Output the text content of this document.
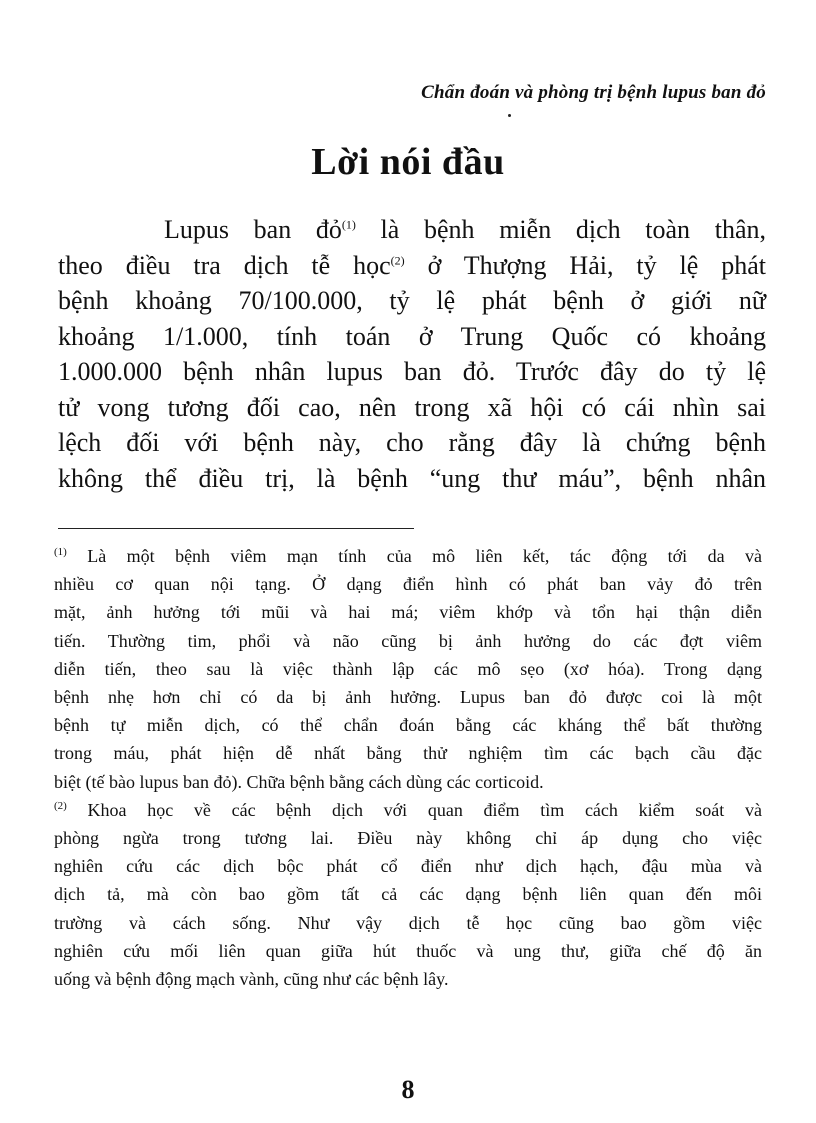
Chẩn đoán và phòng trị bệnh lupus ban đỏ
Lời nói đầu
Lupus ban đỏ$^{(1)}$ là bệnh miễn dịch toàn thân,
theo điều tra dịch tễ học$^{(2)}$ ở Thượng Hải, tỷ lệ phát
bệnh khoảng 70/100.000, tỷ lệ phát bệnh ở giới nữ
khoảng 1/1.000, tính toán ở Trung Quốc có khoảng
1.000.000 bệnh nhân lupus ban đỏ. Trước đây do tỷ lệ
tử vong tương đối cao, nên trong xã hội có cái nhìn sai
lệch đối với bệnh này, cho rằng đây là chứng bệnh
không thể điều trị, là bệnh “ung thư máu”, bệnh nhân
$^{(1)}$ Là một bệnh viêm mạn tính của mô liên kết, tác động tới da và
nhiều cơ quan nội tạng. Ở dạng điển hình có phát ban vảy đỏ trên
mặt, ảnh hưởng tới mũi và hai má; viêm khớp và tổn hại thận diễn
tiến. Thường tim, phổi và não cũng bị ảnh hưởng do các đợt viêm
diễn tiến, theo sau là việc thành lập các mô sẹo (xơ hóa). Trong dạng
bệnh nhẹ hơn chỉ có da bị ảnh hưởng. Lupus ban đỏ được coi là một
bệnh tự miễn dịch, có thể chẩn đoán bằng các kháng thể bất thường
trong máu, phát hiện dễ nhất bằng thử nghiệm tìm các bạch cầu đặc
biệt (tế bào lupus ban đỏ). Chữa bệnh bằng cách dùng các corticoid.
$^{(2)}$ Khoa học về các bệnh dịch với quan điểm tìm cách kiểm soát và
phòng ngừa trong tương lai. Điều này không chỉ áp dụng cho việc
nghiên cứu các dịch bộc phát cổ điển như dịch hạch, đậu mùa và
dịch tả, mà còn bao gồm tất cả các dạng bệnh liên quan đến môi
trường và cách sống. Như vậy dịch tễ học cũng bao gồm việc
nghiên cứu mối liên quan giữa hút thuốc và ung thư, giữa chế độ ăn
uống và bệnh động mạch vành, cũng như các bệnh lây.
8
